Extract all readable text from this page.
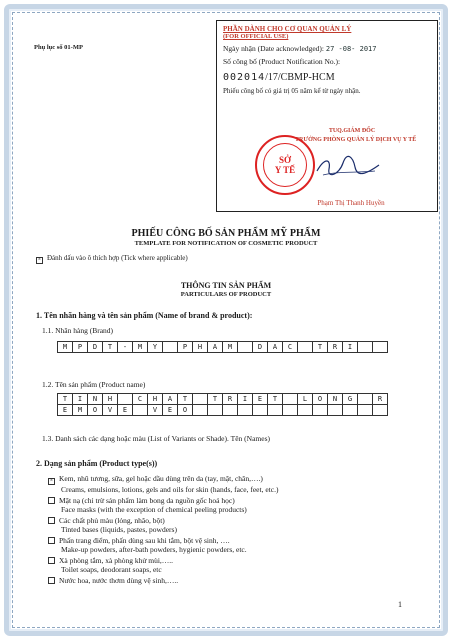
Phụ lục số 01-MP
PHẦN DÀNH CHO CƠ QUAN QUẢN LÝ
(FOR OFFICIAL USE)
Ngày nhận (Date acknowledged): 27 -08- 2017
Số công bố (Product Notification No.):
002014/17/CBMP-HCM
Phiếu công bố có giá trị 05 năm kể từ ngày nhận.
TUQ.GIÁM ĐỐC
TRƯỞNG PHÒNG QUẢN LÝ DỊCH VỤ Y TẾ
SỞ
Y TẾ
Phạm Thị Thanh Huyền
PHIẾU CÔNG BỐ SẢN PHẨM MỸ PHẨM
TEMPLATE FOR NOTIFICATION OF COSMETIC PRODUCT
× Đánh dấu vào ô thích hợp (Tick where applicable)
THÔNG TIN SẢN PHẨM
PARTICULARS OF PRODUCT
1. Tên nhãn hàng và tên sản phẩm (Name of brand & product):
1.1. Nhãn hàng (Brand)
M	P	D	T	-	M	Y	P	H	A	M	D	A	C	T	R	I
1.2. Tên sản phẩm (Product name)
T	I	N	H	C	H	A	T	T	R	I	E	T	L	O	N	G	R
E	M	O	V	E	V	E	O
1.3. Danh sách các dạng hoặc màu (List of Variants or Shade). Tên (Names)
2. Dạng sản phẩm (Product type(s))
× Kem, nhũ tương, sữa, gel hoặc dầu dùng trên da (tay, mặt, chân,….)
Creams, emulsions, lotions, gels and oils for skin (hands, face, feet, etc.)
Mặt nạ (chỉ trừ sản phẩm làm bong da nguồn gốc hoá học)
Face masks (with the exception of chemical peeling products)
Các chất phủ màu (lỏng, nhão, bột)
Tinted bases (liquids, pastes, powders)
Phấn trang điểm, phấn dùng sau khi tắm, bột vệ sinh, ….
Make-up powders, after-bath powders, hygienic powders, etc.
Xà phòng tắm, xà phòng khử mùi,…..
Toilet soaps, deodorant soaps, etc
Nước hoa, nước thơm dùng vệ sinh,…..
1
